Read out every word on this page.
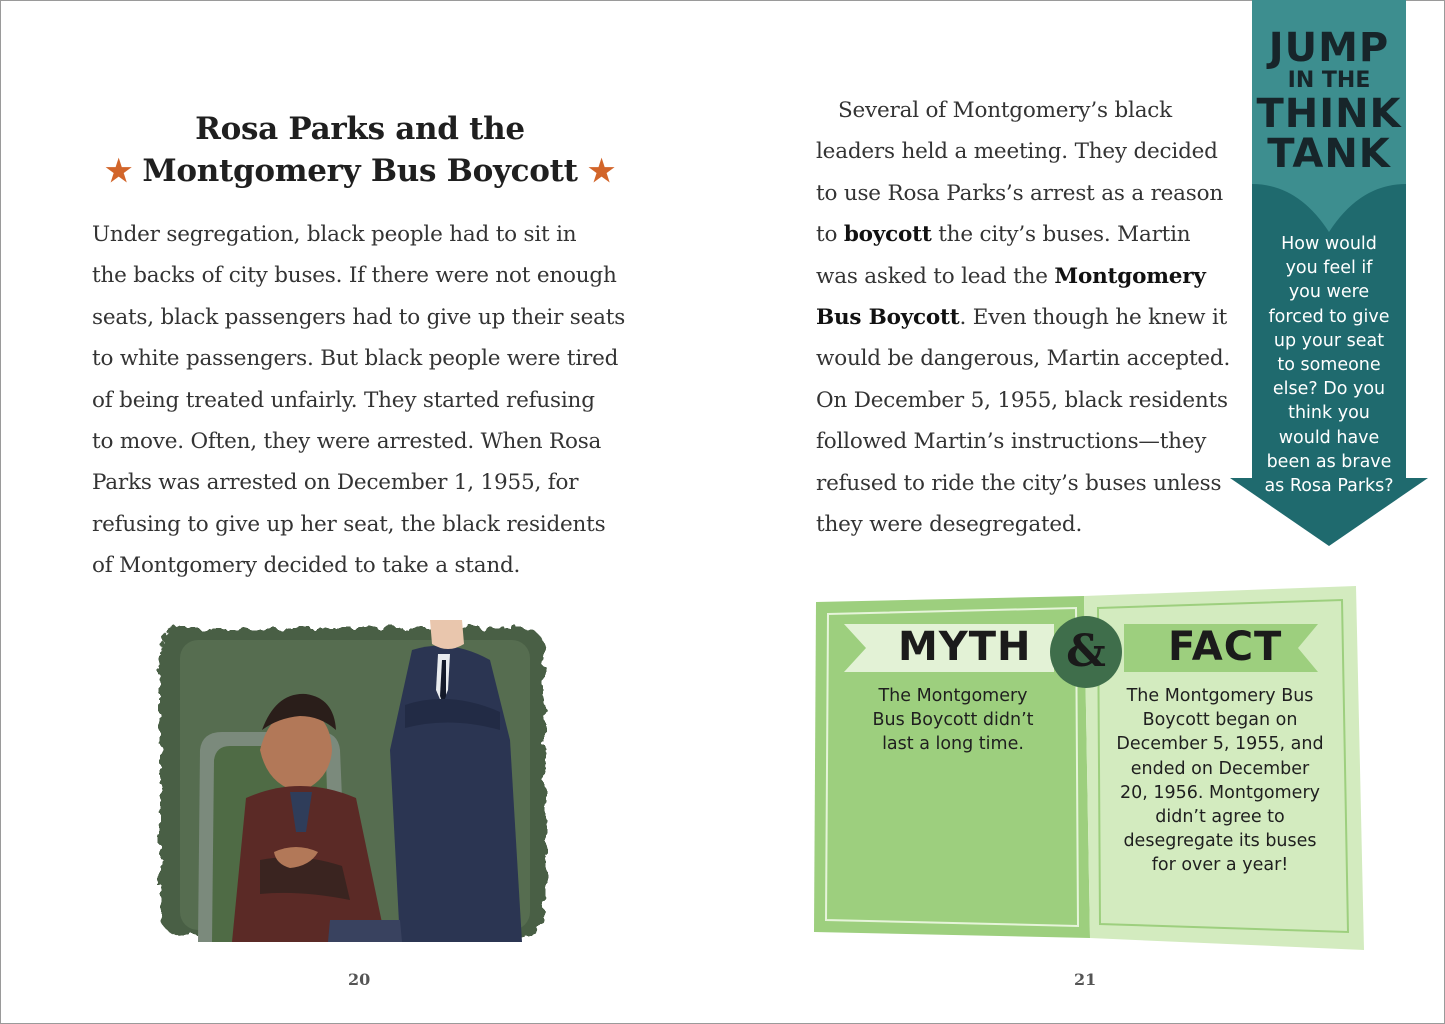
Rosa Parks and the
★ Montgomery Bus Boycott ★
Under segregation, black people had to sit in
the backs of city buses. If there were not enough
seats, black passengers had to give up their seats
to white passengers. But black people were tired
of being treated unfairly. They started refusing
to move. Often, they were arrested. When Rosa
Parks was arrested on December 1, 1955, for
refusing to give up her seat, the black residents
of Montgomery decided to take a stand.
20
Several of Montgomery’s black
leaders held a meeting. They decided
to use Rosa Parks’s arrest as a reason
to boycott the city’s buses. Martin
was asked to lead the Montgomery
Bus Boycott. Even though he knew it
would be dangerous, Martin accepted.
On December 5, 1955, black residents
followed Martin’s instructions—they
refused to ride the city’s buses unless
they were desegregated.
JUMP
IN THE
THINK
TANK
How would
you feel if
you were
forced to give
up your seat
to someone
else? Do you
think you
would have
been as brave
as Rosa Parks?
MYTH &	FACT
The Montgomery
Bus Boycott didn’t
last a long time.
The Montgomery Bus
Boycott began on
December 5, 1955, and
ended on December
20, 1956. Montgomery
didn’t agree to
desegregate its buses
for over a year!
21
